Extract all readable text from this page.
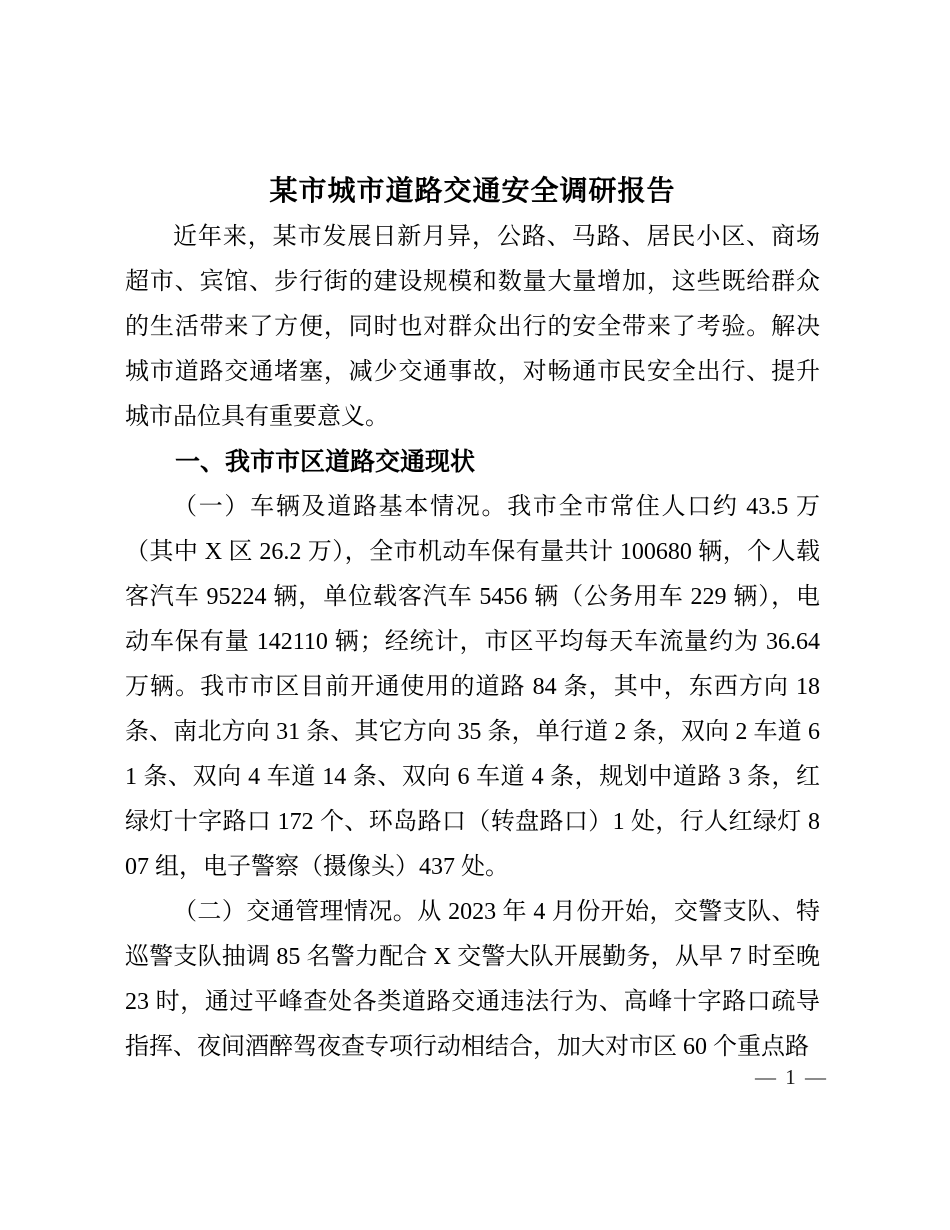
某市城市道路交通安全调研报告

近年来，某市发展日新月异，公路、马路、居民小区、商场超市、宾馆、步行街的建设规模和数量大量增加，这些既给群众的生活带来了方便，同时也对群众出行的安全带来了考验。解决城市道路交通堵塞，减少交通事故，对畅通市民安全出行、提升城市品位具有重要意义。

一、我市市区道路交通现状

（一）车辆及道路基本情况。我市全市常住人口约 43.5 万（其中 X 区 26.2 万），全市机动车保有量共计 100680 辆，个人载客汽车 95224 辆，单位载客汽车 5456 辆（公务用车 229 辆），电动车保有量 142110 辆；经统计，市区平均每天车流量约为 36.64 万辆。我市市区目前开通使用的道路 84 条，其中，东西方向 18 条、南北方向 31 条、其它方向 35 条，单行道 2 条，双向 2 车道 61 条、双向 4 车道 14 条、双向 6 车道 4 条，规划中道路 3 条，红绿灯十字路口 172 个、环岛路口（转盘路口）1 处，行人红绿灯 807 组，电子警察（摄像头）437 处。

（二）交通管理情况。从 2023 年 4 月份开始，交警支队、特巡警支队抽调 85 名警力配合 X 交警大队开展勤务，从早 7 时至晚 23 时，通过平峰查处各类道路交通违法行为、高峰十字路口疏导指挥、夜间酒醉驾夜查专项行动相结合，加大对市区 60 个重点路

— 1 —
